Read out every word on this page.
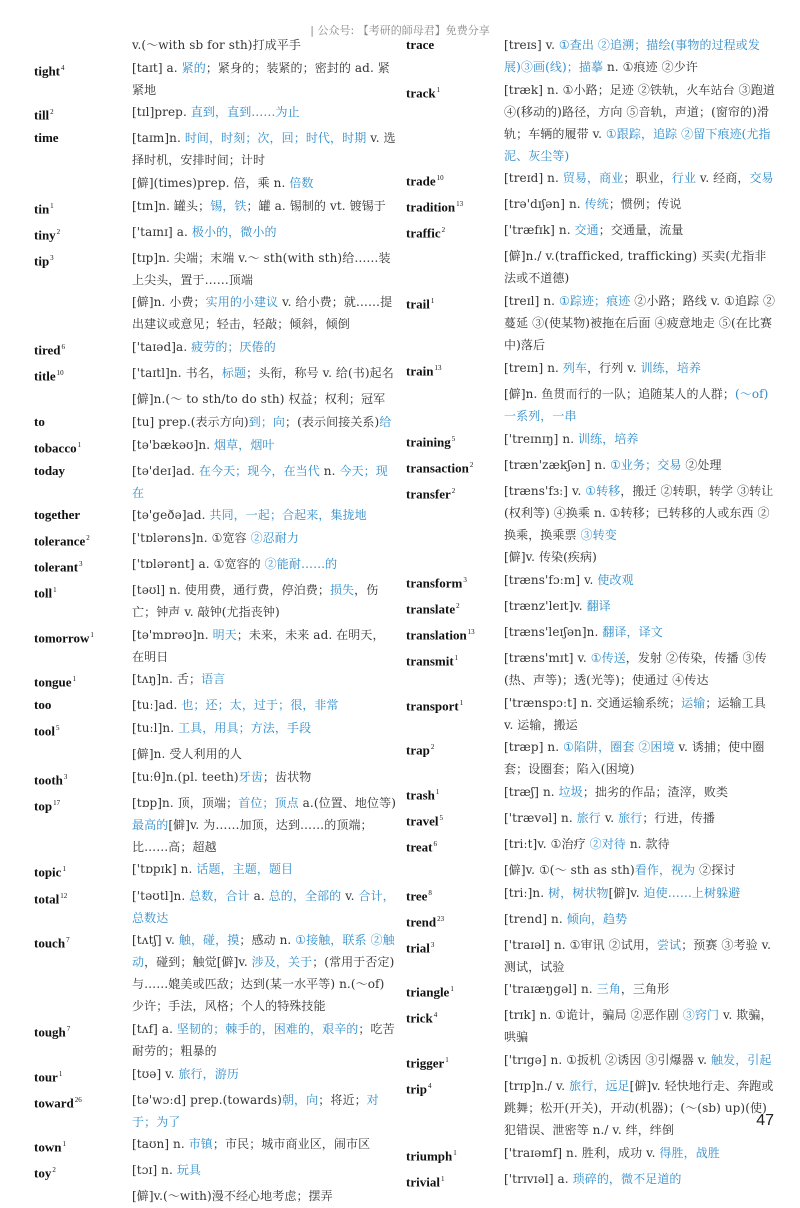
| 公众号: 【考研的師母君】免费分享
v.(～with sb for sth)打成平手
tight$^4$	[taɪt] a. 紧的；紧身的；装紧的；密封的 ad. 紧紧地
till$^2$	[tɪl]prep. 直到，直到……为止
time	[taɪm]n. 时间，时刻；次，回；时代，时期 v. 选择时机，安排时间；计时
[僻](times)prep. 倍，乘 n. 倍数
tin$^1$	[tɪn]n. 罐头；锡，铁；罐 a. 锡制的 vt. 镀锡于
tiny$^2$	['taɪnɪ] a. 极小的，微小的
tip$^3$	[tɪp]n. 尖端；末端 v.～ sth(with sth)给……装上尖头，置于……顶端
[僻]n. 小费；实用的小建议 v. 给小费；就……提出建议或意见；轻击，轻敲；倾斜，倾倒
tired$^6$	['taɪəd]a. 疲劳的；厌倦的
title$^{10}$	['taɪtl]n. 书名，标题；头衔，称号 v. 给(书)起名
[僻]n.(～ to sth/to do sth) 权益；权利；冠军
to	[tu] prep.(表示方向)到；向；(表示间接关系)给
tobacco$^1$	[tə'bækəʊ]n. 烟草，烟叶
today	[tə'deɪ]ad. 在今天；现今，在当代 n. 今天；现在
together	[tə'geðə]ad. 共同，一起；合起来，集拢地
tolerance$^2$	['tɒlərəns]n. ①宽容 ②忍耐力
tolerant$^3$	['tɒlərənt] a. ①宽容的 ②能耐……的
toll$^1$	[təʊl] n. 使用费，通行费，停泊费；损失，伤亡；钟声 v. 敲钟(尤指丧钟)
tomorrow$^1$	[tə'mɒrəʊ]n. 明天；未来，未来 ad. 在明天，在明日
tongue$^1$	[tʌŋ]n. 舌；语言
too	[tuː]ad. 也；还；太，过于；很，非常
tool$^5$	[tuːl]n. 工具，用具；方法，手段
[僻]n. 受人利用的人
tooth$^3$	[tuːθ]n.(pl. teeth)牙齿；齿状物
top$^{17}$	[tɒp]n. 顶，顶端；首位；顶点 a.(位置、地位等)最高的[僻]v. 为……加顶，达到……的顶端；比……高；超越
topic$^1$	['tɒpɪk] n. 话题，主题，题目
total$^{12}$	['təʊtl]n. 总数，合计 a. 总的，全部的 v. 合计，总数达
touch$^7$	[tʌtʃ] v. 触，碰，摸；感动 n. ①接触，联系 ②触动，碰到；触觉[僻]v. 涉及，关于；(常用于否定)与……媲美或匹敌；达到(某一水平等) n.(～of)少许；手法，风格；个人的特殊技能
tough$^7$	[tʌf] a. 坚韧的；棘手的，困难的，艰辛的；吃苦耐劳的；粗暴的
tour$^1$	[tʊə] v. 旅行，游历
toward$^{26}$	[tə'wɔːd] prep.(towards)朝，向；将近；对于；为了
town$^1$	[taʊn] n. 市镇；市民；城市商业区，闹市区
toy$^2$	[tɔɪ] n. 玩具
[僻]v.(～with)漫不经心地考虑；摆弄
trace	[treɪs] v. ①查出 ②追溯；描绘(事物的过程或发展)③画(线)；描摹 n. ①痕迹 ②少许
track$^1$	[træk] n. ①小路；足迹 ②铁轨，火车站台 ③跑道 ④(移动的)路径，方向 ⑤音轨，声道；(窗帘的)滑轨；车辆的履带 v. ①跟踪，追踪 ②留下痕迹(尤指泥、灰尘等)
trade$^{10}$	[treɪd] n. 贸易，商业；职业，行业 v. 经商，交易
tradition$^{13}$	[trə'dɪʃən] n. 传统；惯例；传说
traffic$^2$	['træfɪk] n. 交通；交通量，流量
[僻]n./ v.(trafficked, trafficking) 买卖(尤指非法或不道德)
trail$^1$	[treɪl] n. ①踪迹；痕迹 ②小路；路线 v. ①追踪 ②蔓延 ③(使某物)被拖在后面 ④疲意地走 ⑤(在比赛中)落后
train$^{13}$	[treɪn] n. 列车，行列 v. 训练，培养
[僻]n. 鱼贯而行的一队；追随某人的人群；(～of)一系列，一串
training$^5$	['treɪnɪŋ] n. 训练，培养
transaction$^2$	[træn'zækʃən] n. ①业务；交易 ②处理
transfer$^2$	[træns'fɜː] v. ①转移，搬迁 ②转职，转学 ③转让(权利等) ④换乘 n. ①转移；已转移的人或东西 ②换乘，换乘票 ③转变
[僻]v. 传染(疾病)
transform$^3$	[træns'fɔːm] v. 使改观
translate$^2$	[trænz'leɪt]v. 翻译
translation$^{13}$	[træns'leɪʃən]n. 翻译，译文
transmit$^1$	[træns'mɪt] v. ①传送，发射 ②传染，传播 ③传(热、声等)；透(光等)；使通过 ④传达
transport$^1$	['trænspɔːt] n. 交通运输系统；运输；运输工具 v. 运输，搬运
trap$^2$	[træp] n. ①陷阱，圈套 ②困境 v. 诱捕；使中圈套；设圈套；陷入(困境)
trash$^1$	[træʃ] n. 垃圾；拙劣的作品；渣滓，败类
travel$^5$	['trævəl] n. 旅行 v. 旅行；行进，传播
treat$^6$	[triːt]v. ①治疗 ②对待 n. 款待
[僻]v. ①(～ sth as sth)看作，视为 ②探讨
tree$^8$	[triː]n. 树，树状物[僻]v. 迫使……上树躲避
trend$^{23}$	[trend] n. 倾向，趋势
trial$^3$	['traɪəl] n. ①审讯 ②试用，尝试；预赛 ③考验 v. 测试，试验
triangle$^1$	['traɪæŋgəl] n. 三角，三角形
trick$^4$	[trɪk] n. ①诡计，骗局 ②恶作剧 ③窍门 v. 欺骗，哄骗
trigger$^1$	['trɪgə] n. ①扳机 ②诱因 ③引爆器 v. 触发，引起
trip$^4$	[trɪp]n./ v. 旅行，远足[僻]v. 轻快地行走、奔跑或跳舞；松开(开关)，开动(机器)；(～(sb) up)(使)犯错误、泄密等 n./ v. 绊，绊倒
triumph$^1$	['traɪəmf] n. 胜利，成功 v. 得胜，战胜
trivial$^1$	['trɪvɪəl] a. 琐碎的，微不足道的
47
